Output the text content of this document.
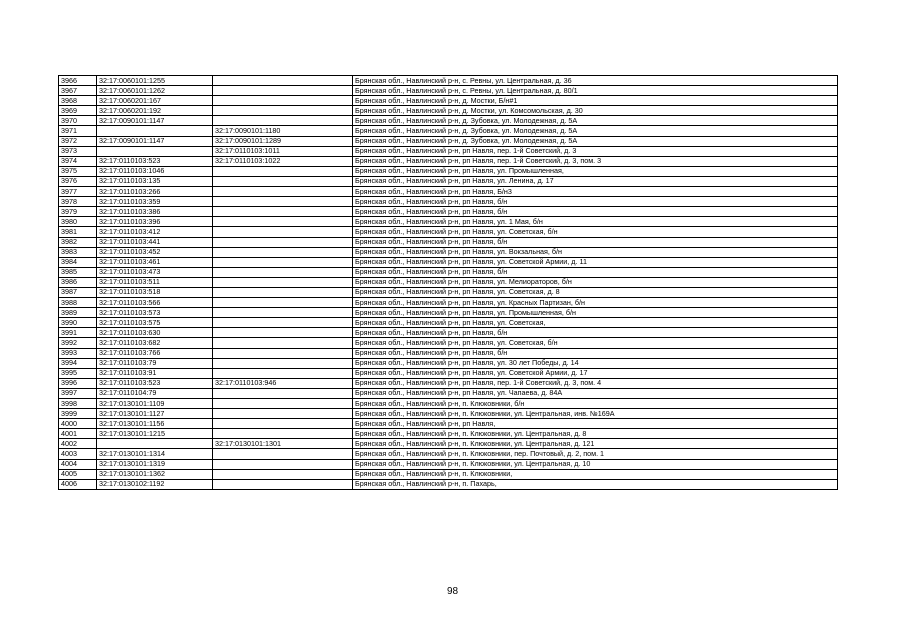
3966	32:17:0060101:1255		Брянская обл., Навлинский р-н, с. Ревны, ул. Центральная, д. 36
3967	32:17:0060101:1262		Брянская обл., Навлинский р-н, с. Ревны, ул. Центральная, д. 80/1
3968	32:17:0060201:167		Брянская обл., Навлинский р-н, д. Мостки, Б/н#1
3969	32:17:0060201:192		Брянская обл., Навлинский р-н, д. Мостки, ул. Комсомольская, д. 30
3970	32:17:0090101:1147		Брянская обл., Навлинский р-н, д. Зубовка, ул. Молодежная, д. 5А
3971		32:17:0090101:1180	Брянская обл., Навлинский р-н, д. Зубовка, ул. Молодежная, д. 5А
3972	32:17:0090101:1147	32:17:0090101:1289	Брянская обл., Навлинский р-н, д. Зубовка, ул. Молодежная, д. 5А
3973		32:17:0110103:1011	Брянская обл., Навлинский р-н, рп Навля, пер. 1-й Советский, д. 3
3974	32:17:0110103:523	32:17:0110103:1022	Брянская обл., Навлинский р-н, рп Навля, пер. 1-й Советский, д. 3, пом. 3
3975	32:17:0110103:1046		Брянская обл., Навлинский р-н, рп Навля, ул. Промышленная,
3976	32:17:0110103:135		Брянская обл., Навлинский р-н, рп Навля, ул. Ленина, д. 17
3977	32:17:0110103:266		Брянская обл., Навлинский р-н, рп Навля, Б/н3
3978	32:17:0110103:359		Брянская обл., Навлинский р-н, рп Навля, б/н
3979	32:17:0110103:386		Брянская обл., Навлинский р-н, рп Навля, б/н
3980	32:17:0110103:396		Брянская обл., Навлинский р-н, рп Навля, ул. 1 Мая, б/н
3981	32:17:0110103:412		Брянская обл., Навлинский р-н, рп Навля, ул. Советская, б/н
3982	32:17:0110103:441		Брянская обл., Навлинский р-н, рп Навля, б/н
3983	32:17:0110103:452		Брянская обл., Навлинский р-н, рп Навля, ул. Вокзальная, б/н
3984	32:17:0110103:461		Брянская обл., Навлинский р-н, рп Навля, ул. Советской Армии, д. 11
3985	32:17:0110103:473		Брянская обл., Навлинский р-н, рп Навля, б/н
3986	32:17:0110103:511		Брянская обл., Навлинский р-н, рп Навля, ул. Мелиораторов, б/н
3987	32:17:0110103:518		Брянская обл., Навлинский р-н, рп Навля, ул. Советская, д. 8
3988	32:17:0110103:566		Брянская обл., Навлинский р-н, рп Навля, ул. Красных Партизан, б/н
3989	32:17:0110103:573		Брянская обл., Навлинский р-н, рп Навля, ул. Промышленная, б/н
3990	32:17:0110103:575		Брянская обл., Навлинский р-н, рп Навля, ул. Советская,
3991	32:17:0110103:630		Брянская обл., Навлинский р-н, рп Навля, б/н
3992	32:17:0110103:682		Брянская обл., Навлинский р-н, рп Навля, ул. Советская, б/н
3993	32:17:0110103:766		Брянская обл., Навлинский р-н, рп Навля, б/н
3994	32:17:0110103:79		Брянская обл., Навлинский р-н, рп Навля, ул. 30 лет Победы, д. 14
3995	32:17:0110103:91		Брянская обл., Навлинский р-н, рп Навля, ул. Советской Армии, д. 17
3996	32:17:0110103:523	32:17:0110103:946	Брянская обл., Навлинский р-н, рп Навля, пер. 1-й Советский, д. 3, пом. 4
3997	32:17:0110104:79		Брянская обл., Навлинский р-н, рп Навля, ул. Чапаева, д. 84А
3998	32:17:0130101:1109		Брянская обл., Навлинский р-н, п. Клюковники, б/н
3999	32:17:0130101:1127		Брянская обл., Навлинский р-н, п. Клюковники, ул. Центральная, инв. №169А
4000	32:17:0130101:1156		Брянская обл., Навлинский р-н, рп Навля,
4001	32:17:0130101:1215		Брянская обл., Навлинский р-н, п. Клюковники, ул. Центральная, д. 8
4002		32:17:0130101:1301	Брянская обл., Навлинский р-н, п. Клюковники, ул. Центральная, д. 121
4003	32:17:0130101:1314		Брянская обл., Навлинский р-н, п. Клюковники, пер. Почтовый, д. 2, пом. 1
4004	32:17:0130101:1319		Брянская обл., Навлинский р-н, п. Клюковники, ул. Центральная, д. 10
4005	32:17:0130101:1362		Брянская обл., Навлинский р-н, п. Клюковники,
4006	32:17:0130102:1192		Брянская обл., Навлинский р-н, п. Пахарь,
98
